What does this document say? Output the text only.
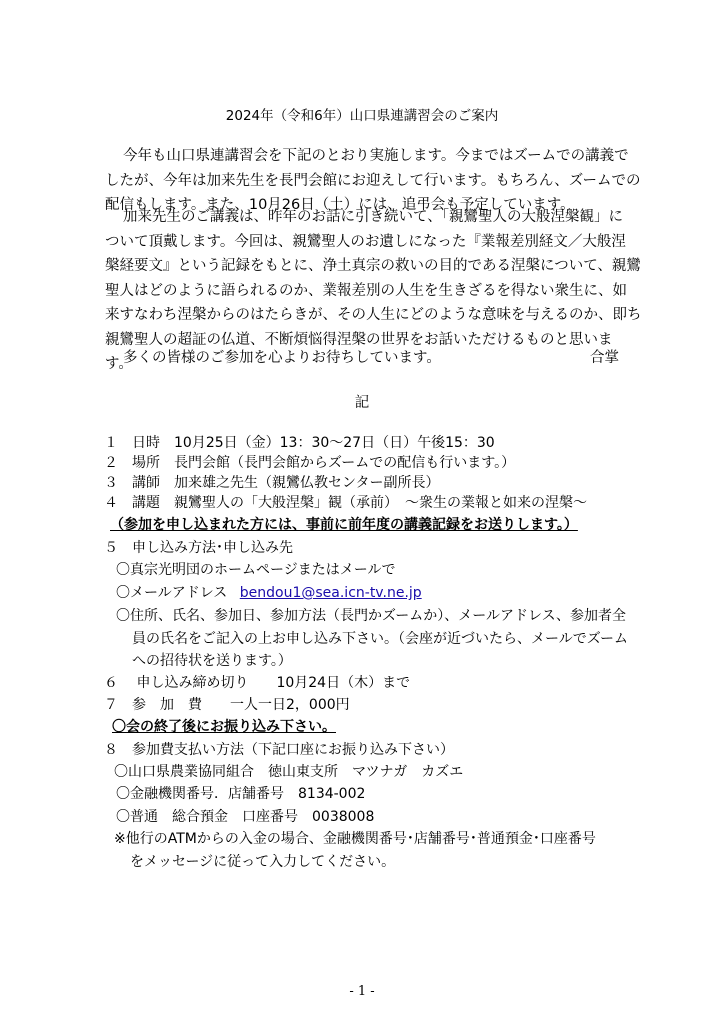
2024年（令和6年）山口県連講習会のご案内
今年も山口県連講習会を下記のとおり実施します。今まではズームでの講義で
したが、今年は加来先生を長門会館にお迎えして行います。もちろん、ズームでの
配信もします。また、10月26日（土）には、追弔会も予定しています。
加来先生のご講義は、昨年のお話に引き続いて、「親鸞聖人の大般涅槃観」に
ついて頂戴します。今回は、親鸞聖人のお遺しになった『業報差別経文／大般涅
槃経要文』という記録をもとに、浄土真宗の救いの目的である涅槃について、親鸞
聖人はどのように語られるのか、業報差別の人生を生きざるを得ない衆生に、如
来すなわち涅槃からのはたらきが、その人生にどのような意味を与えるのか、即ち
親鸞聖人の超証の仏道、不断煩悩得涅槃の世界をお話いただけるものと思いま
す。
多くの皆様のご参加を心よりお待ちしています。	合掌
記
１　日時　10月25日（金）13：30～27日（日）午後15：30
２　場所　長門会館（長門会館からズームでの配信も行います。）
３　講師　加来雄之先生（親鸞仏教センター副所長）
４　講題　親鸞聖人の「大般涅槃」観（承前）　～衆生の業報と如来の涅槃～
（参加を申し込まれた方には、事前に前年度の講義記録をお送りします。）
５　申し込み方法･申し込み先
〇真宗光明団のホームページまたはメールで
〇メールアドレス bendou1@sea.icn-tv.ne.jp
〇住所、氏名、参加日、参加方法（長門かズームか）、メールアドレス、参加者全
員の氏名をご記入の上お申し込み下さい。（会座が近づいたら、メールでズーム
への招待状を送ります。）
６　 申し込み締め切り　　10月24日（木）まで
７　参　加　費　　一人一日2，000円
〇会の終了後にお振り込み下さい。
８　参加費支払い方法（下記口座にお振り込み下さい）
〇山口県農業協同組合　徳山東支所　マツナガ　カズエ
〇金融機関番号．店舗番号　8134-002
〇普通　総合預金　口座番号　0038008
※他行のATMからの入金の場合、金融機関番号･店舗番号･普通預金･口座番号
をメッセージに従って入力してください。
- 1 -
